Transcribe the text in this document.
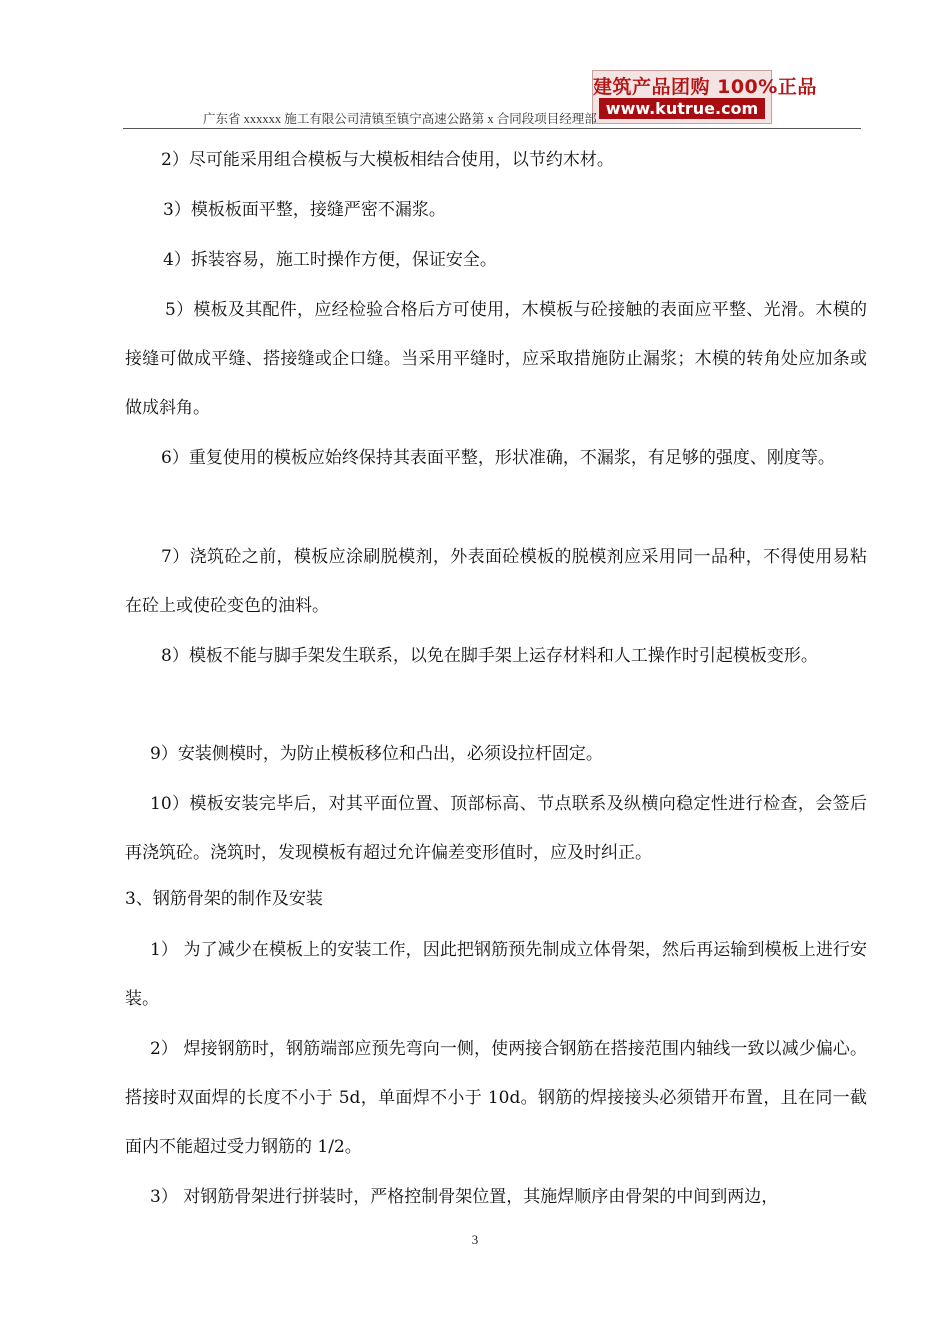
建筑产品团购 100%正品
www.kutrue.com
广东省 xxxxxx 施工有限公司清镇至镇宁高速公路第 x 合同段项目经理部

2）尽可能采用组合模板与大模板相结合使用，以节约木材。

3）模板板面平整，接缝严密不漏浆。

4）拆装容易，施工时操作方便，保证安全。

5）模板及其配件，应经检验合格后方可使用，木模板与砼接触的表面应平整、光滑。木模的接缝可做成平缝、搭接缝或企口缝。当采用平缝时，应采取措施防止漏浆；木模的转角处应加条或做成斜角。

6）重复使用的模板应始终保持其表面平整，形状准确，不漏浆，有足够的强度、刚度等。

7）浇筑砼之前，模板应涂刷脱模剂，外表面砼模板的脱模剂应采用同一品种，不得使用易粘在砼上或使砼变色的油料。

8）模板不能与脚手架发生联系，以免在脚手架上运存材料和人工操作时引起模板变形。

9）安装侧模时，为防止模板移位和凸出，必须设拉杆固定。

10）模板安装完毕后，对其平面位置、顶部标高、节点联系及纵横向稳定性进行检查，会签后再浇筑砼。浇筑时，发现模板有超过允许偏差变形值时，应及时纠正。

3、钢筋骨架的制作及安装

1） 为了减少在模板上的安装工作，因此把钢筋预先制成立体骨架，然后再运输到模板上进行安装。

2） 焊接钢筋时，钢筋端部应预先弯向一侧，使两接合钢筋在搭接范围内轴线一致以减少偏心。搭接时双面焊的长度不小于 5d，单面焊不小于 10d。钢筋的焊接接头必须错开布置，且在同一截面内不能超过受力钢筋的 1/2。

3） 对钢筋骨架进行拼装时，严格控制骨架位置，其施焊顺序由骨架的中间到两边，

3
